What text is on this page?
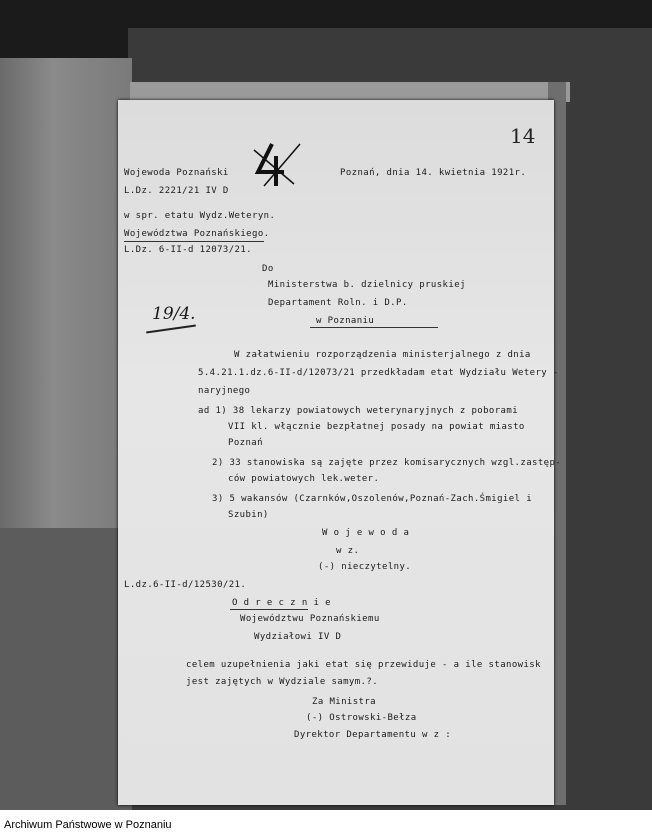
Wojewoda Poznański
L.Dz. 2221/21 IV D
w spr. etatu Wydz.Weteryn.
Województwa Poznańskiego.
L.Dz. 6-II-d 12073/21.
Poznań, dnia 14. kwietnia 1921r.
14
19/4.
Do
Ministerstwa b. dzielnicy pruskiej
Departament Roln. i D.P.
w Poznaniu
W załatwieniu rozporządzenia ministerjalnego z dnia
5.4.21.1.dz.6-II-d/12073/21 przedkładam etat Wydziału Wetery -
naryjnego
ad 1) 38 lekarzy powiatowych weterynaryjnych z poborami
VII kl. włącznie bezpłatnej posady na powiat miasto
Poznań
2) 33 stanowiska są zajęte przez komisarycznych wzgl.zastęp-
ców powiatowych lek.weter.
3) 5 wakansów (Czarnków,Oszolenów,Poznań-Zach.Śmigiel i
Szubin)
W o j e w o d a
w z.
(-) nieczytelny.
L.dz.6-II-d/12530/21.
O d r e c z n i e
Województwu Poznańskiemu
Wydziałowi IV D
celem uzupełnienia jaki etat się przewiduje - a ile stanowisk
jest zajętych w Wydziale samym.?.
Za Ministra
(-) Ostrowski-Bełza
Dyrektor Departamentu w z :
Archiwum Państwowe w Poznaniu
